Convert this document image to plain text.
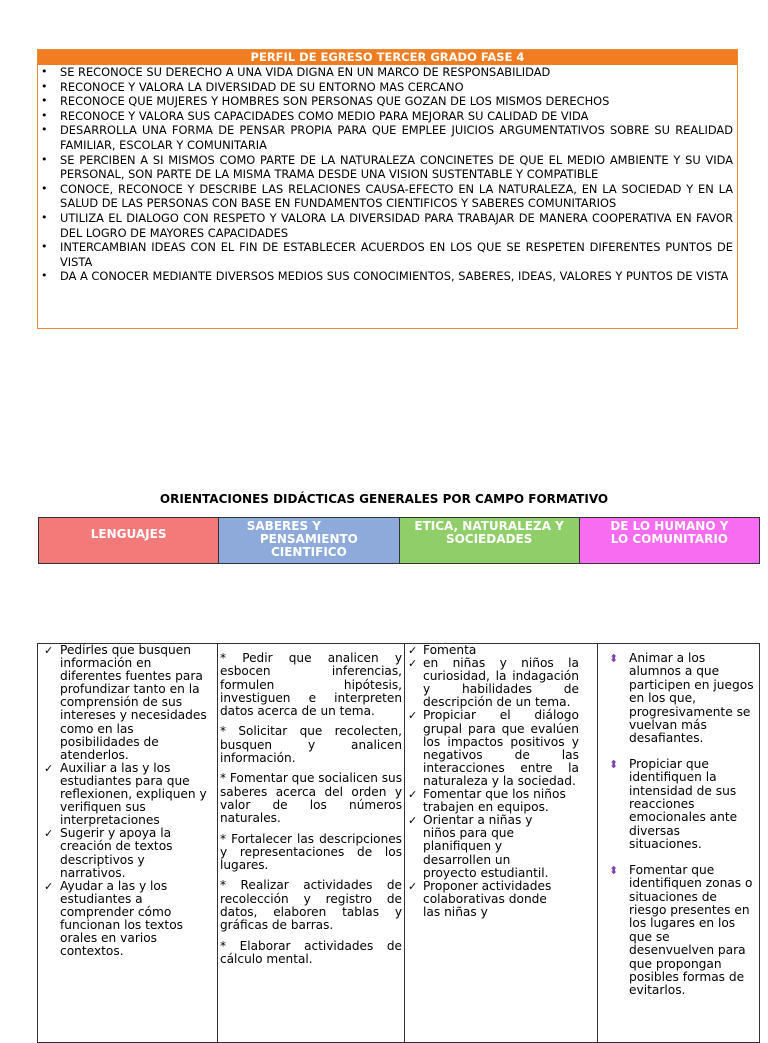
PERFIL DE EGRESO TERCER GRADO FASE 4
• SE RECONOCE SU DERECHO A UNA VIDA DIGNA EN UN MARCO DE RESPONSABILIDAD
• RECONOCE Y VALORA LA DIVERSIDAD DE SU ENTORNO MAS CERCANO
• RECONOCE QUE MUJERES Y HOMBRES SON PERSONAS QUE GOZAN DE LOS MISMOS DERECHOS
• RECONOCE Y VALORA SUS CAPACIDADES COMO MEDIO PARA MEJORAR SU CALIDAD DE VIDA
• DESARROLLA UNA FORMA DE PENSAR PROPIA PARA QUE EMPLEE JUICIOS ARGUMENTATIVOS SOBRE SU REALIDAD FAMILIAR, ESCOLAR Y COMUNITARIA
• SE PERCIBEN A SI MISMOS COMO PARTE DE LA NATURALEZA CONCINETES DE QUE EL MEDIO AMBIENTE Y SU VIDA PERSONAL, SON PARTE DE LA MISMA TRAMA DESDE UNA VISION SUSTENTABLE Y COMPATIBLE
• CONOCE, RECONOCE Y DESCRIBE LAS RELACIONES CAUSA-EFECTO EN LA NATURALEZA, EN LA SOCIEDAD Y EN LA SALUD DE LAS PERSONAS CON BASE EN FUNDAMENTOS CIENTIFICOS Y SABERES COMUNITARIOS
• UTILIZA EL DIALOGO CON RESPETO Y VALORA LA DIVERSIDAD PARA TRABAJAR DE MANERA COOPERATIVA EN FAVOR DEL LOGRO DE MAYORES CAPACIDADES
• INTERCAMBIAN IDEAS CON EL FIN DE ESTABLECER ACUERDOS EN LOS QUE SE RESPETEN DIFERENTES PUNTOS DE VISTA
• DA A CONOCER MEDIANTE DIVERSOS MEDIOS SUS CONOCIMIENTOS, SABERES, IDEAS, VALORES Y PUNTOS DE VISTA
ORIENTACIONES DIDÁCTICAS GENERALES POR CAMPO FORMATIVO
LENGUAJES
SABERES Y
PENSAMIENTO
CIENTIFICO
ETICA, NATURALEZA Y
SOCIEDADES
DE LO HUMANO Y
LO COMUNITARIO
✓ Pedirles que busquen información en diferentes fuentes para profundizar tanto en la comprensión de sus intereses y necesidades como en las posibilidades de atenderlos.
✓ Auxiliar a las y los estudiantes para que reflexionen, expliquen y verifiquen sus interpretaciones
✓ Sugerir y apoya la creación de textos descriptivos y narrativos.
✓ Ayudar a las y los estudiantes a comprender cómo funcionan los textos orales en varios contextos.

* Pedir que analicen y esbocen inferencias, formulen hipótesis, investiguen e interpreten datos acerca de un tema.

* Solicitar que recolecten, busquen y analicen información.

* Fomentar que socialicen sus saberes acerca del orden y valor de los números naturales.

* Fortalecer las descripciones y representaciones de los lugares.

* Realizar actividades de recolección y registro de datos, elaboren tablas y gráficas de barras.

* Elaborar actividades de cálculo mental.

✓ Fomenta
✓ en niñas y niños la curiosidad, la indagación y habilidades de descripción de un tema.
✓ Propiciar el diálogo grupal para que evalúen los impactos positivos y negativos de las interacciones entre la naturaleza y la sociedad.
✓ Fomentar que los niños trabajen en equipos.
✓ Orientar a niñas y niños para que planifiquen y desarrollen un proyecto estudiantil.
✓ Proponer actividades colaborativas donde las niñas y
⬍ Animar a los alumnos a que participen en juegos en los que, progresivamente se vuelvan más desafiantes.
⬍ Propiciar que identifiquen la intensidad de sus reacciones emocionales ante diversas situaciones.
⬍ Fomentar que identifiquen zonas o situaciones de riesgo presentes en los lugares en los que se desenvuelven para que propongan posibles formas de evitarlos.
